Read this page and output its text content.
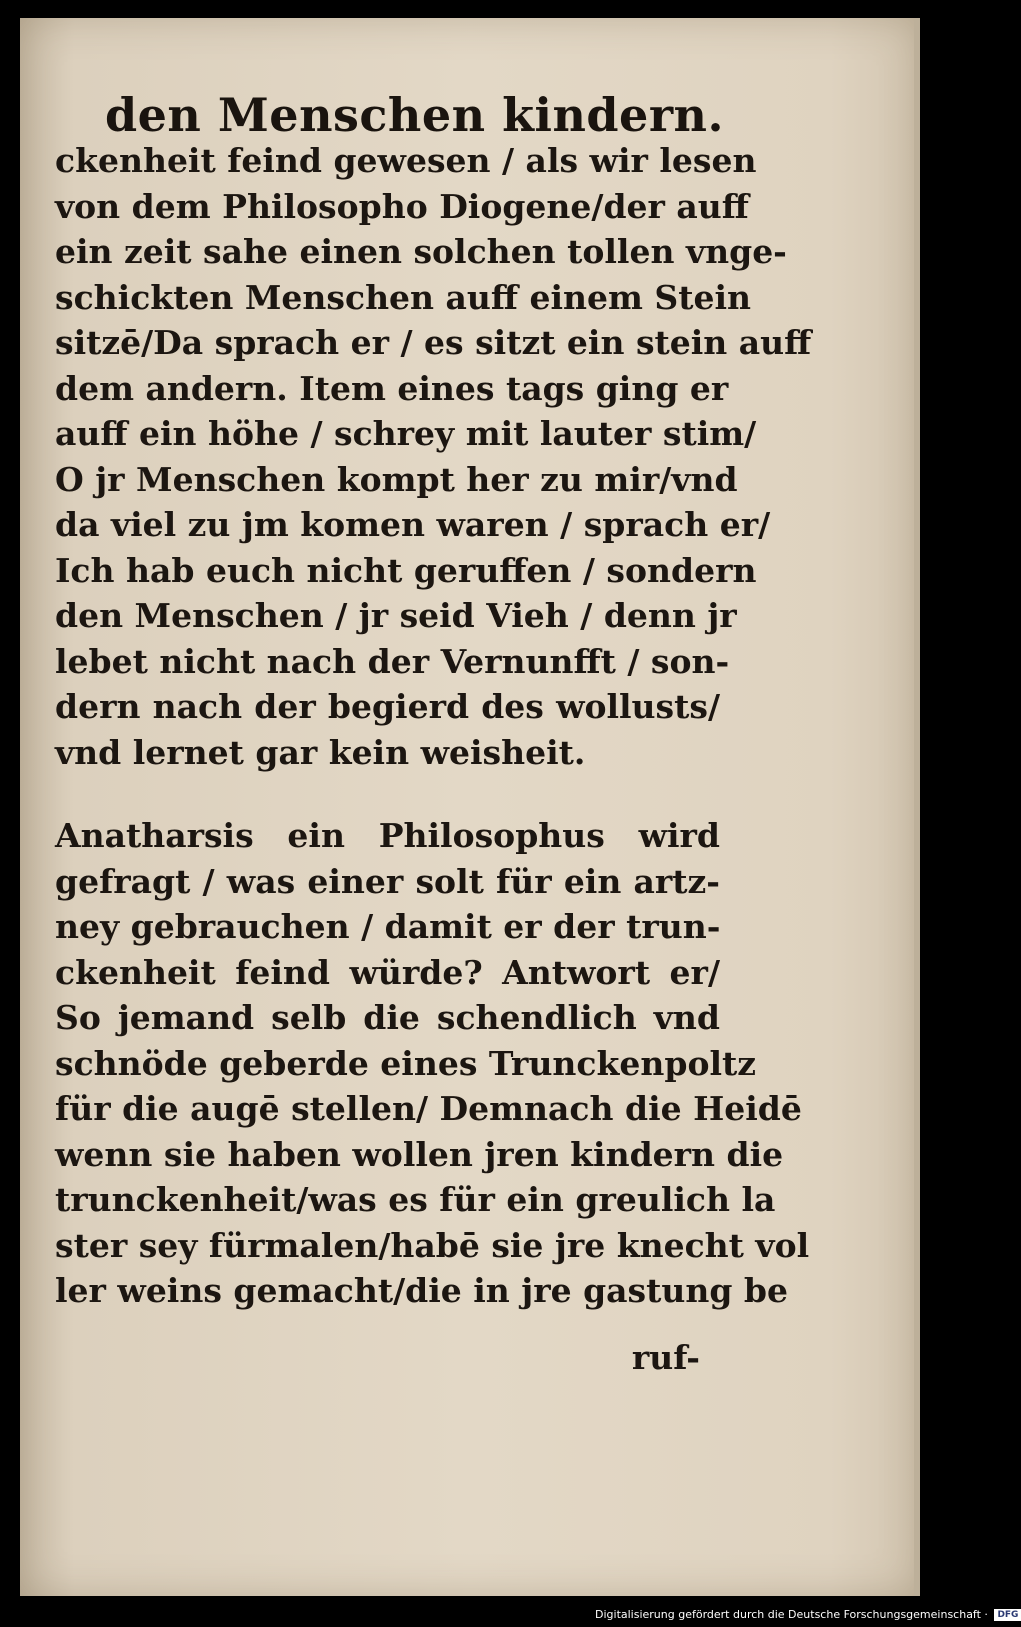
den Menschen kindern.
ckenheit feind gewesen / als wir lesen
von dem Philosopho Diogene/der auff
ein zeit sahe einen solchen tollen vnge-
schickten Menschen auff einem Stein
sitzē/Da sprach er / es sitzt ein stein auff
dem andern. Item eines tags ging er
auff ein höhe / schrey mit lauter stim/
O jr Menschen kompt her zu mir/vnd
da viel zu jm komen waren / sprach er/
Ich hab euch nicht geruffen / sondern
den Menschen / jr seid Vieh / denn jr
lebet nicht nach der Vernunfft / son-
dern nach der begierd des wollusts/
vnd lernet gar kein weisheit.
Anatharsis ein Philosophus wird
gefragt / was einer solt für ein artz-
ney gebrauchen / damit er der trun-
ckenheit feind würde? Antwort er/
So jemand selb die schendlich vnd
schnöde geberde eines Trunckenpoltz
für die augē stellen/ Demnach die Heidē
wenn sie haben wollen jren kindern die
trunckenheit/was es für ein greulich la
ster sey fürmalen/habē sie jre knecht vol
ler weins gemacht/die in jre gastung be
ruf-
Digitalisierung gefördert durch die Deutsche Forschungsgemeinschaft · DFG
